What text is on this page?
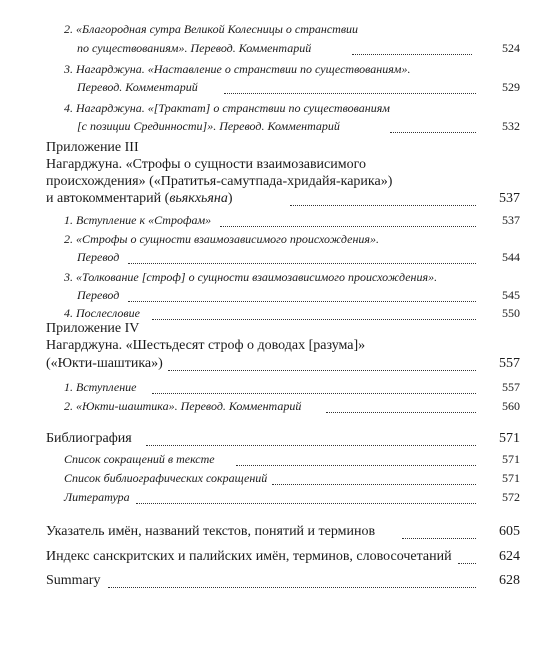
2. «Благородная сутра Великой Колесницы о странствии
по существованиям». Перевод. Комментарий	524
3. Нагарджуна. «Наставление о странствии по существованиям».
Перевод. Комментарий	529
4. Нагарджуна. «[Трактат] о странствии по существованиям
[с позиции Срединности]». Перевод. Комментарий	532
Приложение III
Нагарджуна. «Строфы о сущности взаимозависимого
происхождения» («Пратитья-самутпада-хридайя-карика»)
и автокомментарий (вьякхьяна)	537
1. Вступление к «Строфам»	537
2. «Строфы о сущности взаимозависимого происхождения».
Перевод	544
3. «Толкование [строф] о сущности взаимозависимого происхождения».
Перевод	545
4. Послесловие	550
Приложение IV
Нагарджуна. «Шестьдесят строф о доводах [разума]»
(«Юкти-шаштика»)	557
1. Вступление	557
2. «Юкти-шаштика». Перевод. Комментарий	560
Библиография	571
Список сокращений в тексте	571
Список библиографических сокращений	571
Литература	572
Указатель имён, названий текстов, понятий и терминов	605
Индекс санскритских и палийских имён, терминов, словосочетаний	624
Summary	628
